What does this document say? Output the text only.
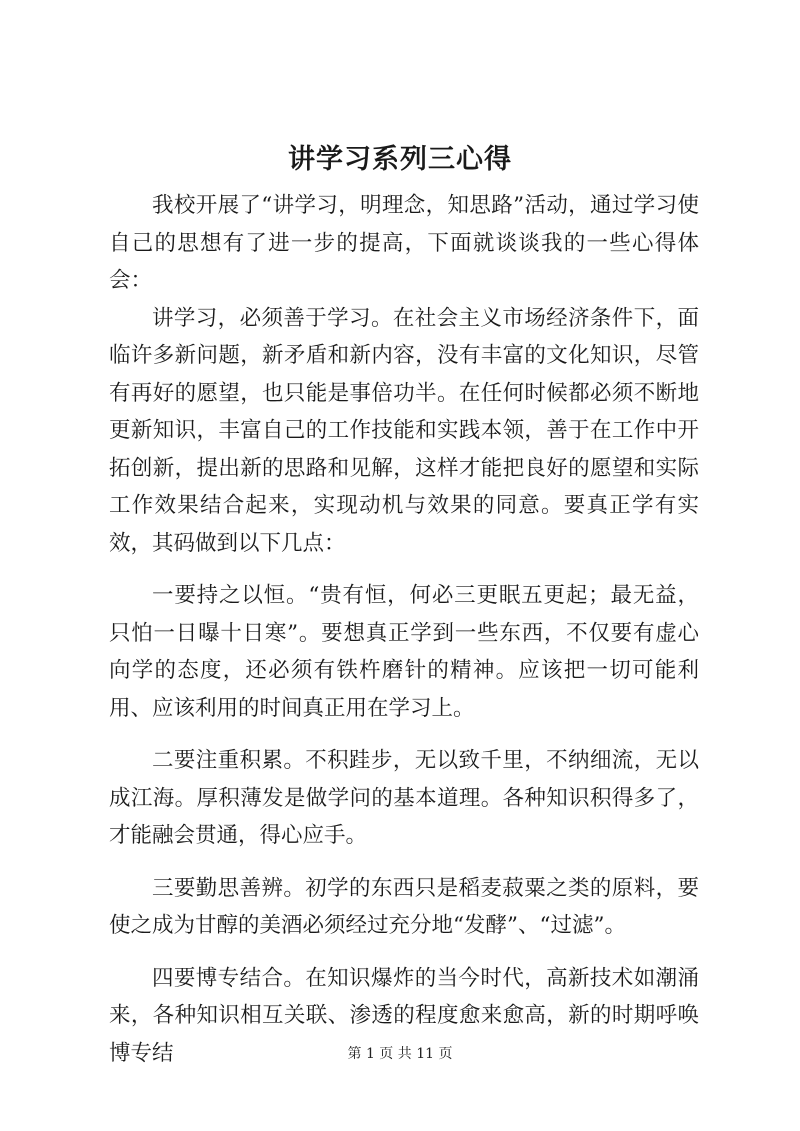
讲学习系列三心得

我校开展了“讲学习，明理念，知思路”活动，通过学习使自己的思想有了进一步的提高，下面就谈谈我的一些心得体会：

讲学习，必须善于学习。在社会主义市场经济条件下，面临许多新问题，新矛盾和新内容，没有丰富的文化知识，尽管有再好的愿望，也只能是事倍功半。在任何时候都必须不断地更新知识，丰富自己的工作技能和实践本领，善于在工作中开拓创新，提出新的思路和见解，这样才能把良好的愿望和实际工作效果结合起来，实现动机与效果的同意。要真正学有实效，其码做到以下几点：

一要持之以恒。“贵有恒，何必三更眠五更起；最无益，只怕一日曝十日寒”。要想真正学到一些东西，不仅要有虚心向学的态度，还必须有铁杵磨针的精神。应该把一切可能利用、应该利用的时间真正用在学习上。

二要注重积累。不积跬步，无以致千里，不纳细流，无以成江海。厚积薄发是做学问的基本道理。各种知识积得多了，才能融会贯通，得心应手。

三要勤思善辨。初学的东西只是稻麦菽粟之类的原料，要使之成为甘醇的美酒必须经过充分地“发酵”、“过滤”。

四要博专结合。在知识爆炸的当今时代，高新技术如潮涌来，各种知识相互关联、渗透的程度愈来愈高，新的时期呼唤博专结	第 1 页 共 11 页
